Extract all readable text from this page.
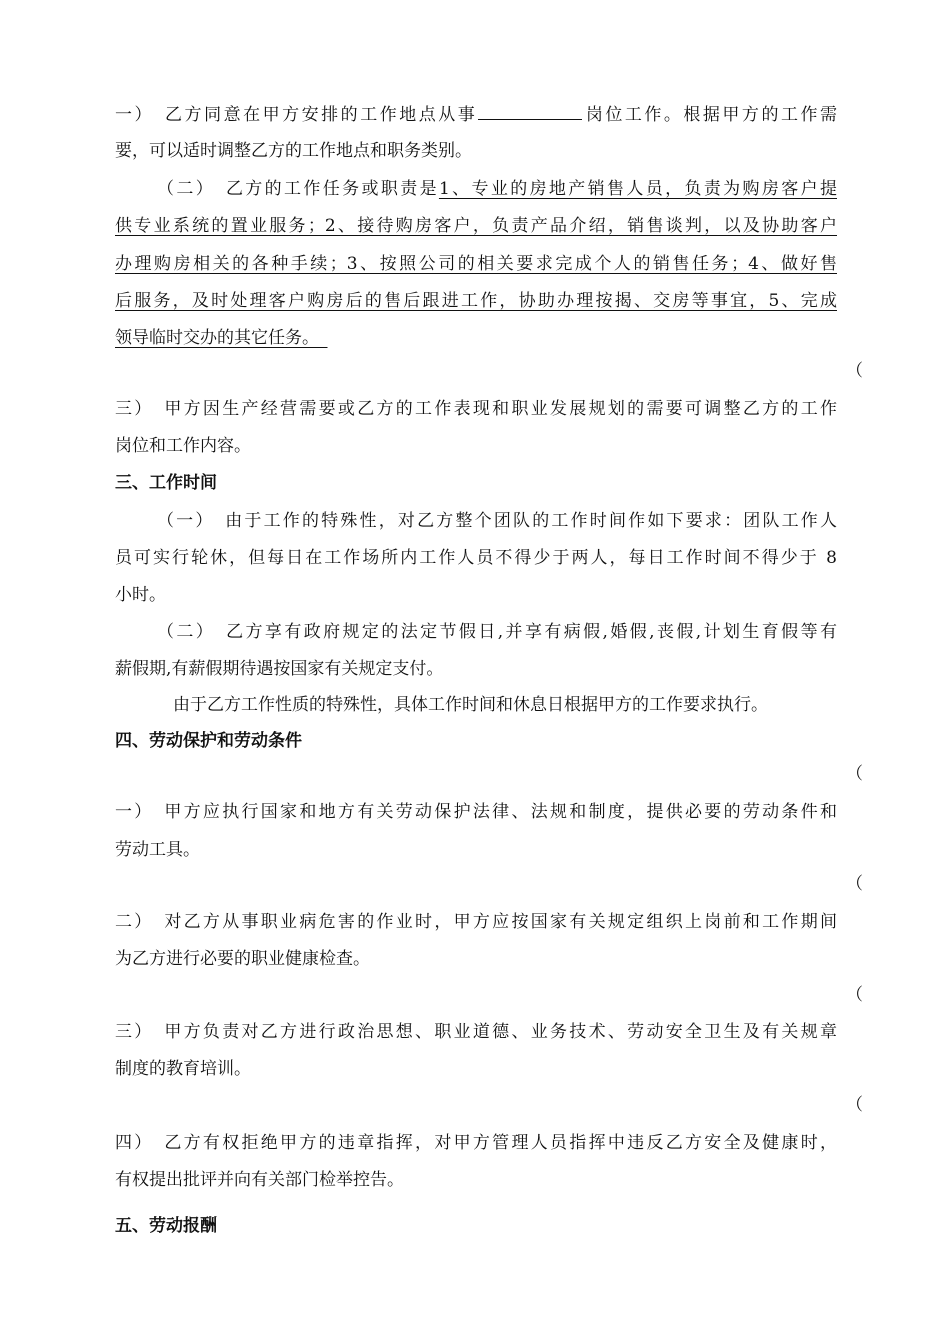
一）　乙方同意在甲方安排的工作地点从事	岗位工作。根据甲方的工作需
要，可以适时调整乙方的工作地点和职务类别。
（二）　乙方的工作任务或职责是1、专业的房地产销售人员，负责为购房客户提
供专业系统的置业服务；2、接待购房客户，负责产品介绍，销售谈判，以及协助客户
办理购房相关的各种手续；3、按照公司的相关要求完成个人的销售任务；4、做好售
后服务，及时处理客户购房后的售后跟进工作，协助办理按揭、交房等事宜，5、完成
领导临时交办的其它任务。　
（
三）　甲方因生产经营需要或乙方的工作表现和职业发展规划的需要可调整乙方的工作
岗位和工作内容。
三、工作时间
（一）　由于工作的特殊性，对乙方整个团队的工作时间作如下要求：团队工作人
员可实行轮休，但每日在工作场所内工作人员不得少于两人，每日工作时间不得少于 8
小时。
（二）　乙方享有政府规定的法定节假日,并享有病假,婚假,丧假,计划生育假等有
薪假期,有薪假期待遇按国家有关规定支付。
由于乙方工作性质的特殊性，具体工作时间和休息日根据甲方的工作要求执行。
四、劳动保护和劳动条件
（
一）　甲方应执行国家和地方有关劳动保护法律、法规和制度，提供必要的劳动条件和
劳动工具。
（
二）　对乙方从事职业病危害的作业时，甲方应按国家有关规定组织上岗前和工作期间
为乙方进行必要的职业健康检查。
（
三）　甲方负责对乙方进行政治思想、职业道德、业务技术、劳动安全卫生及有关规章
制度的教育培训。
（
四）　乙方有权拒绝甲方的违章指挥，对甲方管理人员指挥中违反乙方安全及健康时，
有权提出批评并向有关部门检举控告。
五、劳动报酬
